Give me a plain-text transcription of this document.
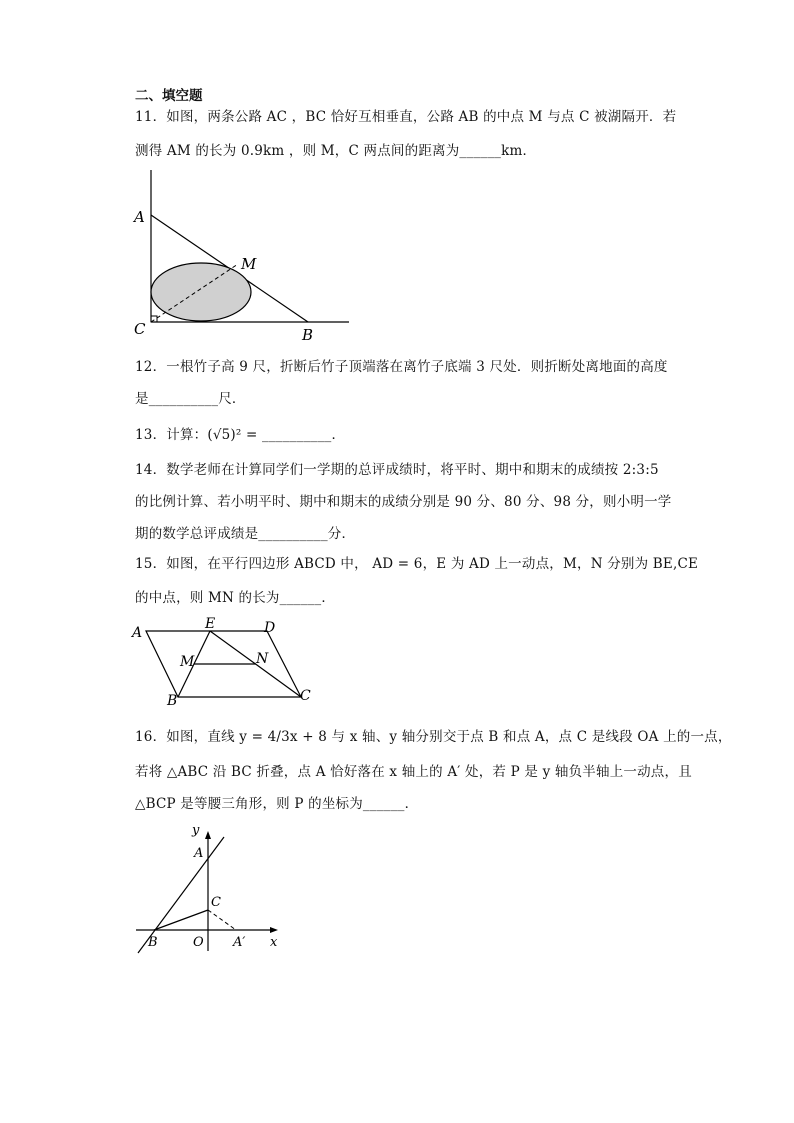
二、填空题
11．如图，两条公路 AC ，BC 恰好互相垂直，公路 AB 的中点 M 与点 C 被湖隔开．若
测得 AM 的长为 0.9km ，则 M，C 两点间的距离为______km．
A
M
C	B
12．一根竹子高 9 尺，折断后竹子顶端落在离竹子底端 3 尺处．则折断处离地面的高度
是__________尺．
13．计算：(√5)² = __________．
14．数学老师在计算同学们一学期的总评成绩时，将平时、期中和期末的成绩按 2:3:5
的比例计算、若小明平时、期中和期末的成绩分别是 90 分、80 分、98 分，则小明一学
期的数学总评成绩是__________分．
15．如图，在平行四边形 ABCD 中， AD = 6，E 为 AD 上一动点，M，N 分别为 BE,CE
的中点，则 MN 的长为______．
A
E	D
M	N
B	C
16．如图，直线 y = 4/3x + 8 与 x 轴、y 轴分别交于点 B 和点 A，点 C 是线段 OA 上的一点，
若将 △ABC 沿 BC 折叠，点 A 恰好落在 x 轴上的 A′ 处，若 P 是 y 轴负半轴上一动点，且
△BCP 是等腰三角形，则 P 的坐标为______．
y
A
C
B	O A′ x
